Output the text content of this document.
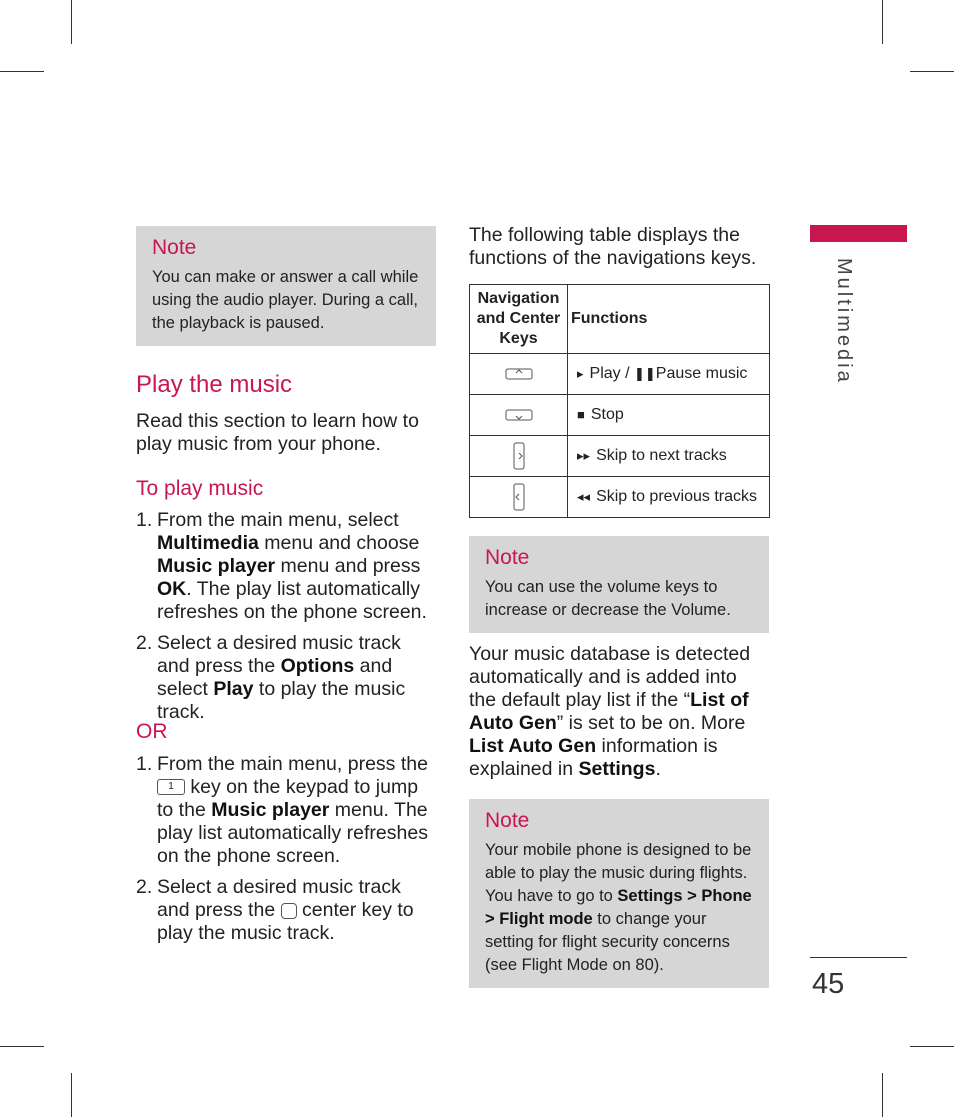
Note
You can make or answer a call while using the audio player. During a call, the playback is paused.
Play the music
Read this section to learn how to play music from your phone.
To play music
1. From the main menu, select Multimedia menu and choose Music player menu and press OK. The play list automatically refreshes on the phone screen.
2. Select a desired music track and press the Options and select Play to play the music track.
OR
1. From the main menu, press the 1 key on the keypad to jump to the Music player menu. The play list automatically refreshes on the phone screen.
2. Select a desired music track and press the  center key to play the music track.
The following table displays the functions of the navigations keys.
Navigation and Center Keys	Functions
	▸ Play / ❚❚Pause music
	■ Stop
	▸▸ Skip to next tracks
	◂◂ Skip to previous tracks
Note
You can use the volume keys to increase or decrease the Volume.
Your music database is detected automatically and is added into the default play list if the “List of Auto Gen” is set to be on. More List Auto Gen information is explained in Settings.
Note
Your mobile phone is designed to be able to play the music during flights. You have to go to Settings > Phone > Flight mode to change your setting for flight security concerns (see Flight Mode on 80).
Multimedia
45
